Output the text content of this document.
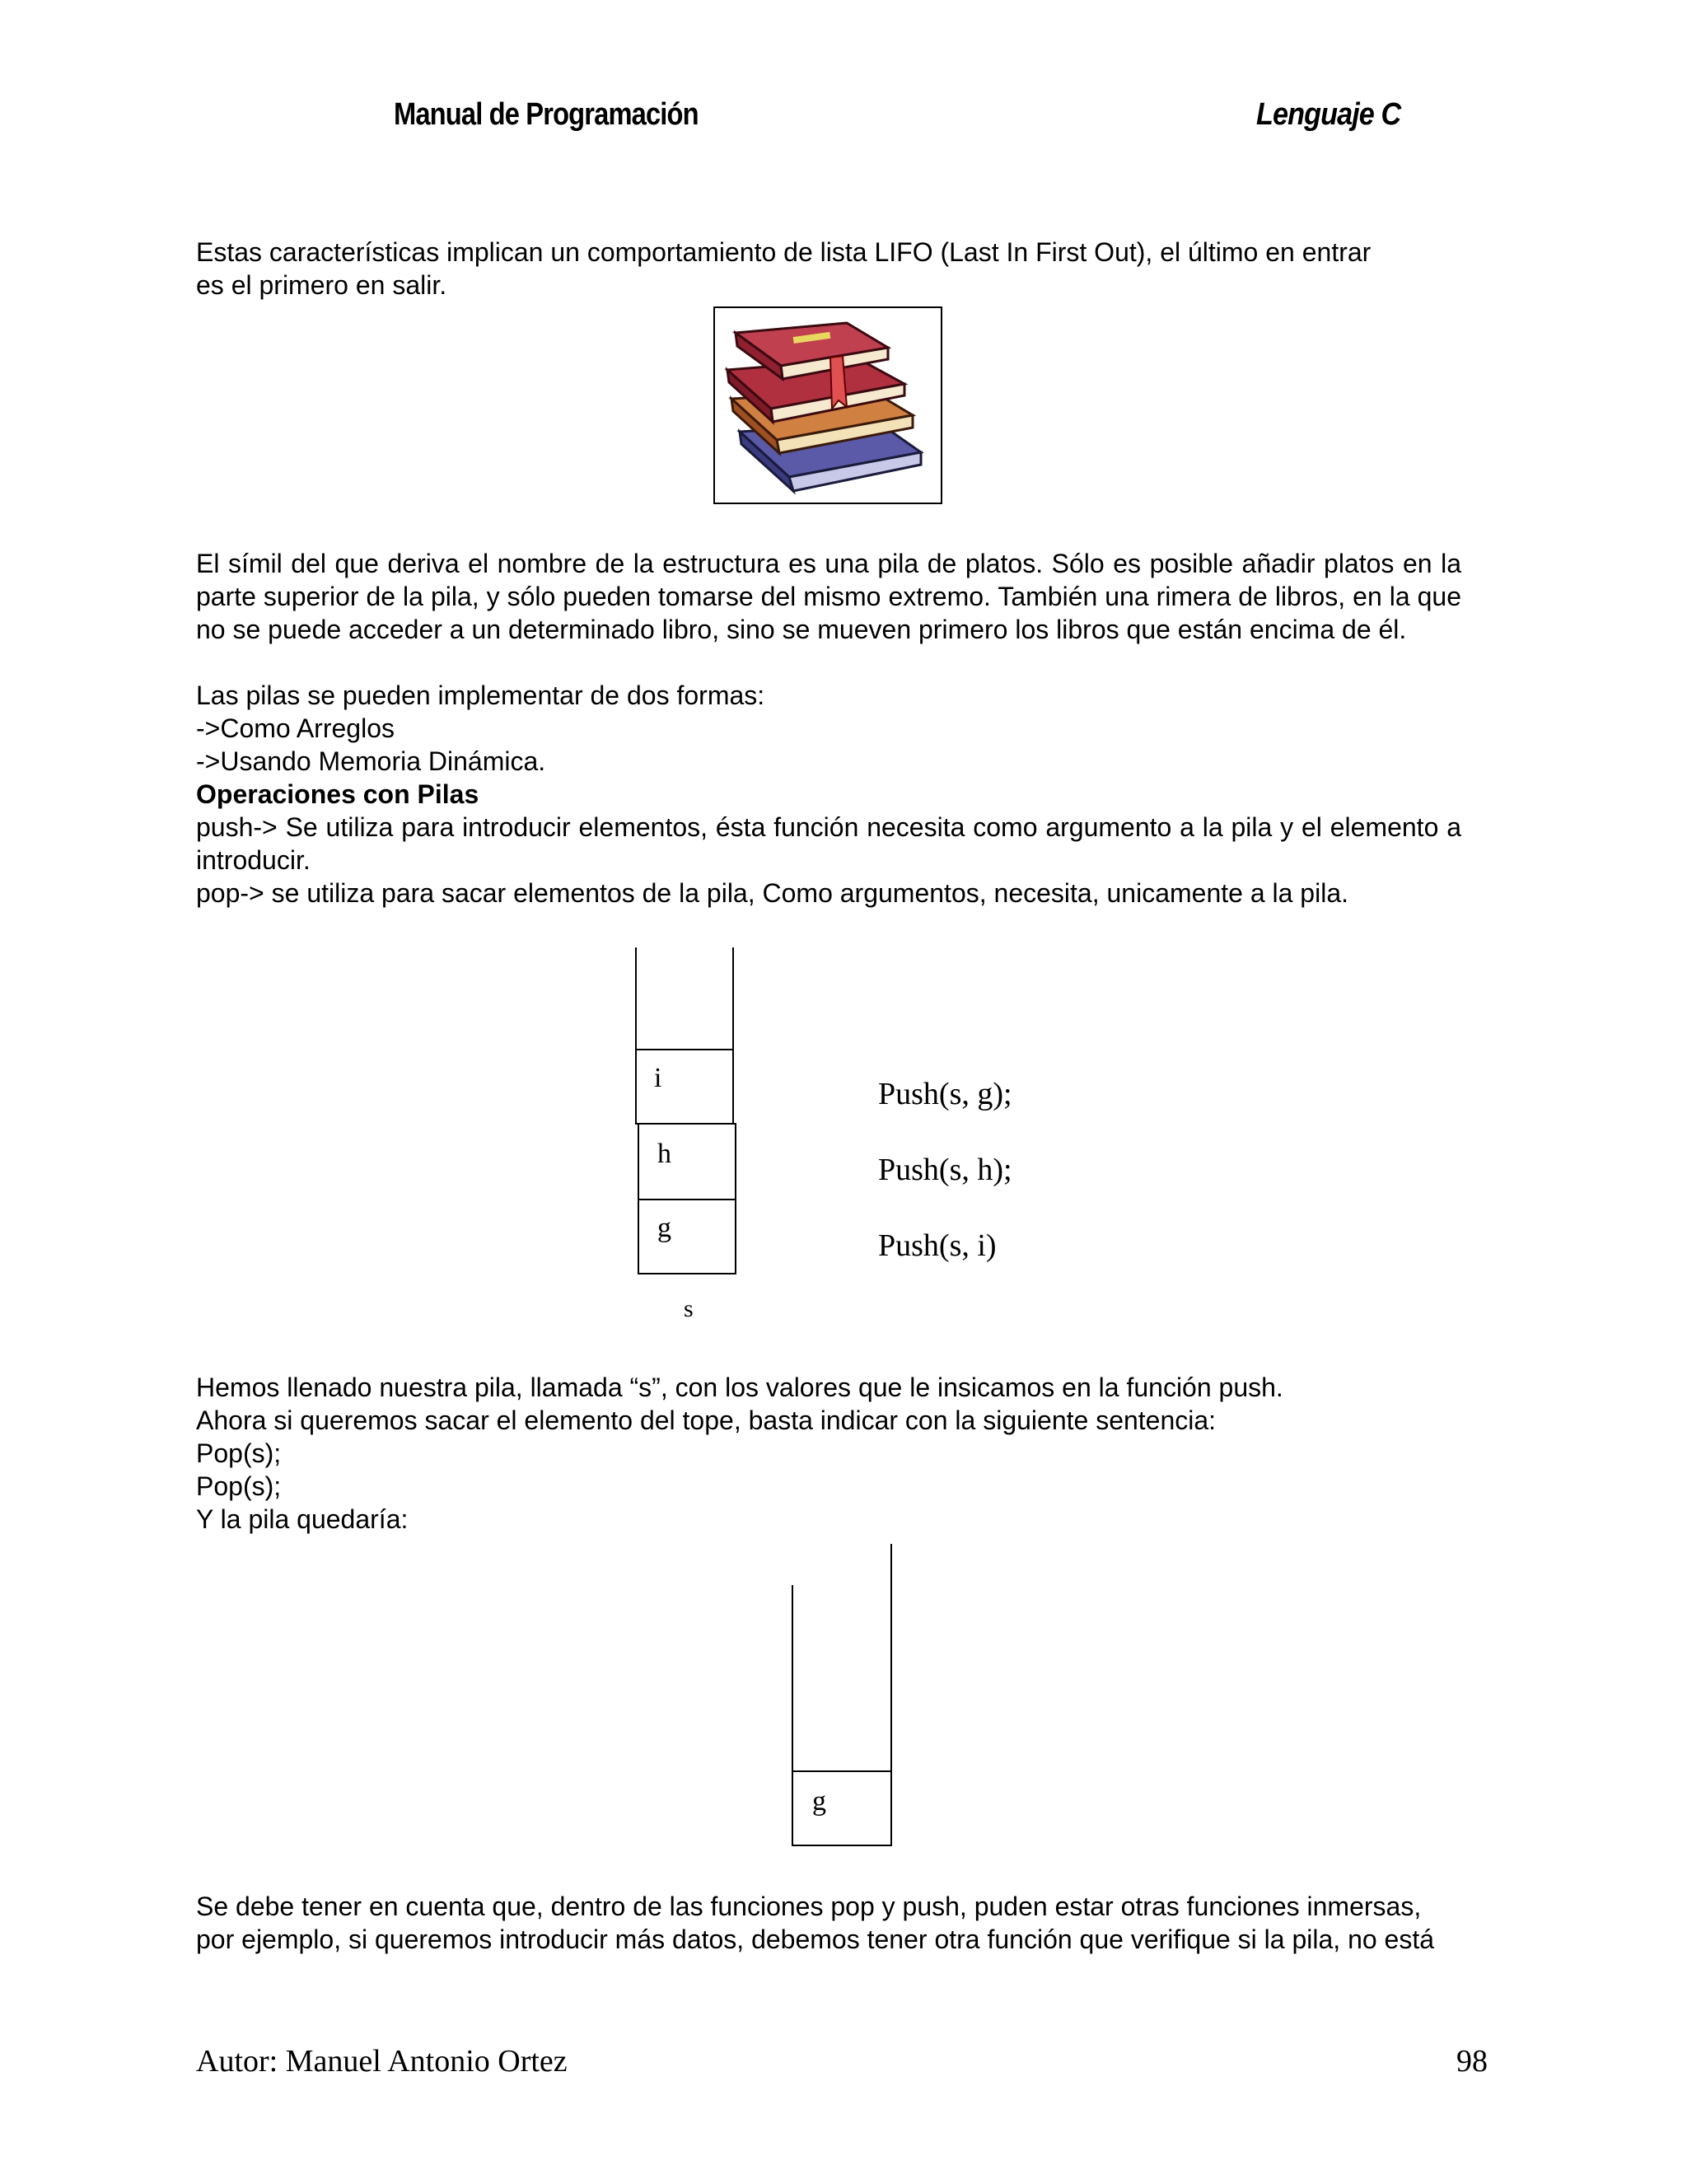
Manual de Programación	Lenguaje C
Estas características implican un comportamiento de lista LIFO (Last In First Out), el último en entrar
es el primero en salir.
El símil del que deriva el nombre de la estructura es una pila de platos. Sólo es posible añadir platos en la parte superior de la pila, y sólo pueden tomarse del mismo extremo. También una rimera de libros, en la que no se puede acceder a un determinado libro, sino se mueven primero los libros que están encima de él.
Las pilas se pueden implementar de dos formas:
->Como Arreglos
->Usando Memoria Dinámica.
Operaciones con Pilas
push-> Se utiliza para introducir elementos, ésta función necesita como argumento a la pila y el elemento a introducir.
pop-> se utiliza para sacar elementos de la pila, Como argumentos, necesita, unicamente a la pila.
i
h
g
s
Push(s, g);
Push(s, h);
Push(s, i)
Hemos llenado nuestra pila, llamada “s”, con los valores que le insicamos en la función push.
Ahora si queremos sacar el elemento del tope, basta indicar con la siguiente sentencia:
Pop(s);
Pop(s);
Y la pila quedaría:
g
Se debe tener en cuenta que, dentro de las funciones pop y push, puden estar otras funciones inmersas,
por ejemplo, si queremos introducir más datos, debemos tener otra función que verifique si la pila, no está
Autor: Manuel Antonio Ortez	98
